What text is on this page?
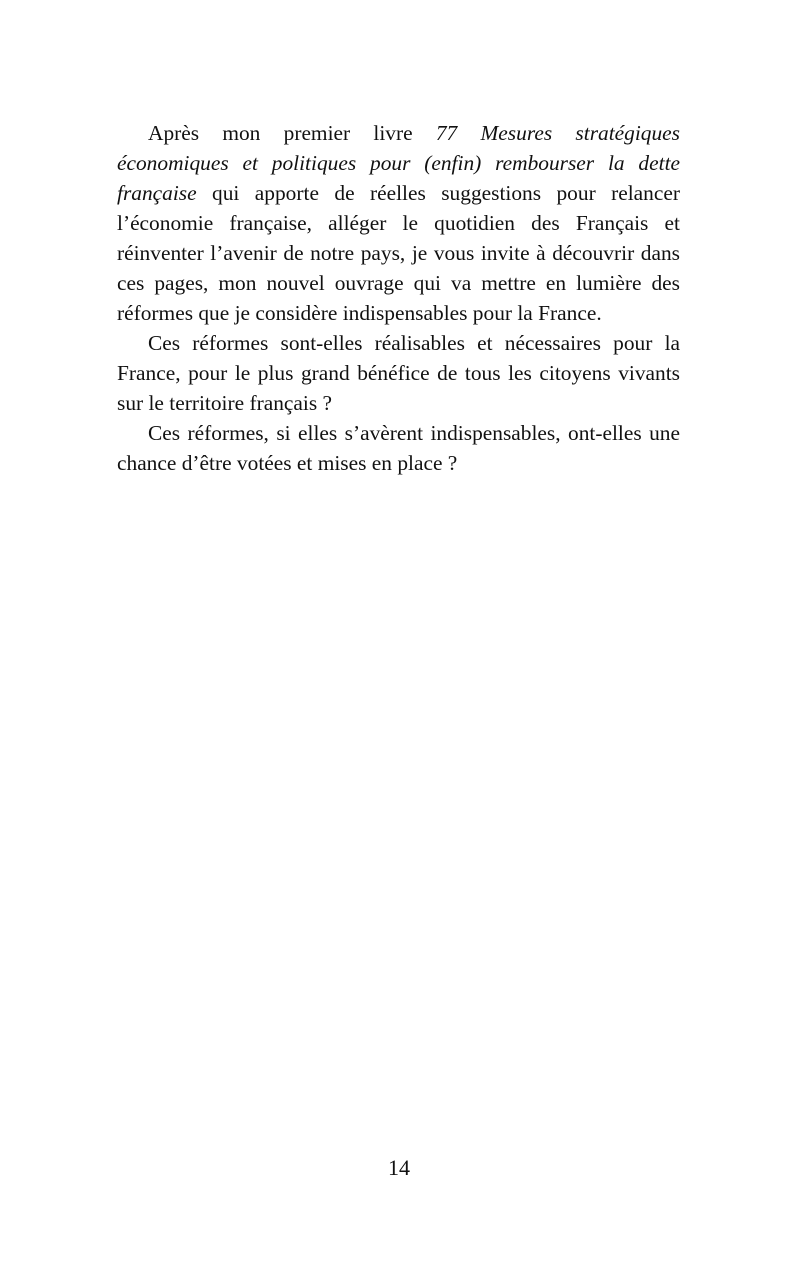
Après mon premier livre 77 Mesures stratégiques économiques et politiques pour (enfin) rembourser la dette française qui apporte de réelles suggestions pour relancer l’économie française, alléger le quotidien des Français et réinventer l’avenir de notre pays, je vous invite à découvrir dans ces pages, mon nouvel ouvrage qui va mettre en lumière des réformes que je considère indispensables pour la France.

Ces réformes sont-elles réalisables et nécessaires pour la France, pour le plus grand bénéfice de tous les citoyens vivants sur le territoire français ?

Ces réformes, si elles s’avèrent indispensables, ont-elles une chance d’être votées et mises en place ?

14
